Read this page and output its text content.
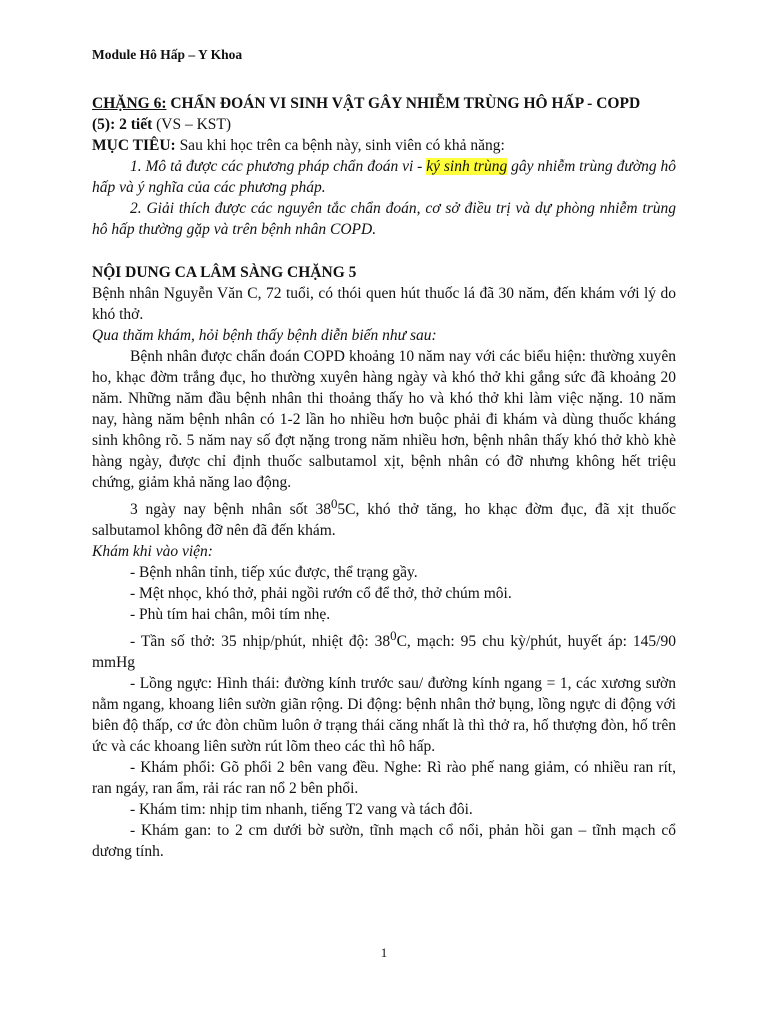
Module Hô Hấp – Y Khoa

CHẶNG 6: CHẨN ĐOÁN VI SINH VẬT GÂY NHIỄM TRÙNG HÔ HẤP - COPD

(5): 2 tiết (VS – KST)

MỤC TIÊU: Sau khi học trên ca bệnh này, sinh viên có khả năng:

1. Mô tả được các phương pháp chẩn đoán vi - ký sinh trùng gây nhiễm trùng đường hô hấp và ý nghĩa của các phương pháp.

2. Giải thích được các nguyên tắc chẩn đoán, cơ sở điều trị và dự phòng nhiễm trùng hô hấp thường gặp và trên bệnh nhân COPD.

NỘI DUNG CA LÂM SÀNG CHẶNG 5

Bệnh nhân Nguyễn Văn C, 72 tuổi, có thói quen hút thuốc lá đã 30 năm, đến khám với lý do khó thở.

Qua thăm khám, hỏi bệnh thấy bệnh diễn biến như sau:

Bệnh nhân được chẩn đoán COPD khoảng 10 năm nay với các biểu hiện: thường xuyên ho, khạc đờm trắng đục, ho thường xuyên hàng ngày và khó thở khi gắng sức đã khoảng 20 năm. Những năm đầu bệnh nhân thi thoảng thấy ho và khó thở khi làm việc nặng. 10 năm nay, hàng năm bệnh nhân có 1-2 lần ho nhiều hơn buộc phải đi khám và dùng thuốc kháng sinh không rõ. 5 năm nay số đợt nặng trong năm nhiều hơn, bệnh nhân thấy khó thở khò khè hàng ngày, được chỉ định thuốc salbutamol xịt, bệnh nhân có đỡ nhưng không hết triệu chứng, giảm khả năng lao động.

3 ngày nay bệnh nhân sốt $38^05C$, khó thở tăng, ho khạc đờm đục, đã xịt thuốc salbutamol không đỡ nên đã đến khám.

Khám khi vào viện:

- Bệnh nhân tỉnh, tiếp xúc được, thể trạng gầy.

- Mệt nhọc, khó thở, phải ngồi rướn cổ để thở, thở chúm môi.

- Phù tím hai chân, môi tím nhẹ.

- Tần số thở: 35 nhịp/phút, nhiệt độ: $38^0C$, mạch: 95 chu kỳ/phút, huyết áp: 145/90 mmHg

- Lồng ngực: Hình thái: đường kính trước sau/ đường kính ngang = 1, các xương sườn nằm ngang, khoang liên sườn giãn rộng. Di động: bệnh nhân thở bụng, lồng ngực di động với biên độ thấp, cơ ức đòn chũm luôn ở trạng thái căng nhất là thì thở ra, hố thượng đòn, hố trên ức và các khoang liên sườn rút lõm theo các thì hô hấp.

- Khám phổi: Gõ phổi 2 bên vang đều. Nghe: Rì rào phế nang giảm, có nhiều ran rít, ran ngáy, ran ẩm, rải rác ran nổ 2 bên phổi.

- Khám tim: nhịp tim nhanh, tiếng T2 vang và tách đôi.

- Khám gan: to 2 cm dưới bờ sườn, tĩnh mạch cổ nổi, phản hồi gan – tĩnh mạch cổ dương tính.

1
